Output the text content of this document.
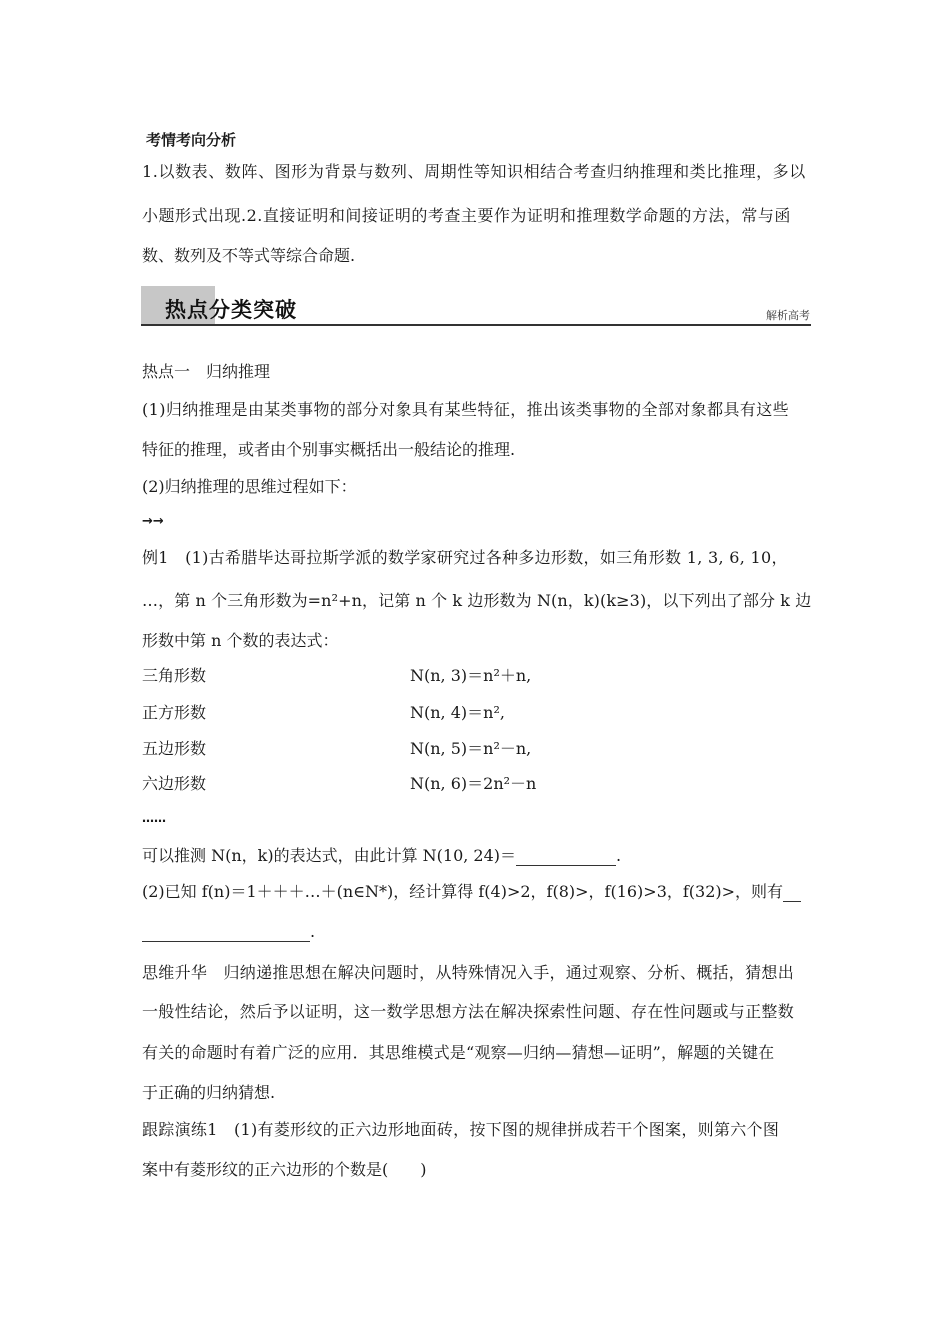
考情考向分析
1.以数表、数阵、图形为背景与数列、周期性等知识相结合考查归纳推理和类比推理，多以
小题形式出现.2.直接证明和间接证明的考查主要作为证明和推理数学命题的方法，常与函
数、数列及不等式等综合命题.
热点分类突破	解析高考
热点一　归纳推理
(1)归纳推理是由某类事物的部分对象具有某些特征，推出该类事物的全部对象都具有这些
特征的推理，或者由个别事实概括出一般结论的推理.
(2)归纳推理的思维过程如下：
→→
例1　(1)古希腊毕达哥拉斯学派的数学家研究过各种多边形数，如三角形数 1, 3, 6, 10，
…，第 n 个三角形数为=n²+n，记第 n 个 k 边形数为 N(n，k)(k≥3)，以下列出了部分 k 边
形数中第 n 个数的表达式：
三角形数	N(n, 3)＝n²＋n,
正方形数	N(n, 4)＝n²,
五边形数	N(n, 5)＝n²－n,
六边形数	N(n, 6)＝2n²－n
……
可以推测 N(n，k)的表达式，由此计算 N(10, 24)＝	.
(2)已知 f(n)＝1＋＋＋…＋(n∈N*)，经计算得 f(4)>2，f(8)>，f(16)>3，f(32)>，则有
.
思维升华　归纳递推思想在解决问题时，从特殊情况入手，通过观察、分析、概括，猜想出
一般性结论，然后予以证明，这一数学思想方法在解决探索性问题、存在性问题或与正整数
有关的命题时有着广泛的应用．其思维模式是“观察—归纳—猜想—证明”，解题的关键在
于正确的归纳猜想.
跟踪演练1　(1)有菱形纹的正六边形地面砖，按下图的规律拼成若干个图案，则第六个图
案中有菱形纹的正六边形的个数是(　　)
